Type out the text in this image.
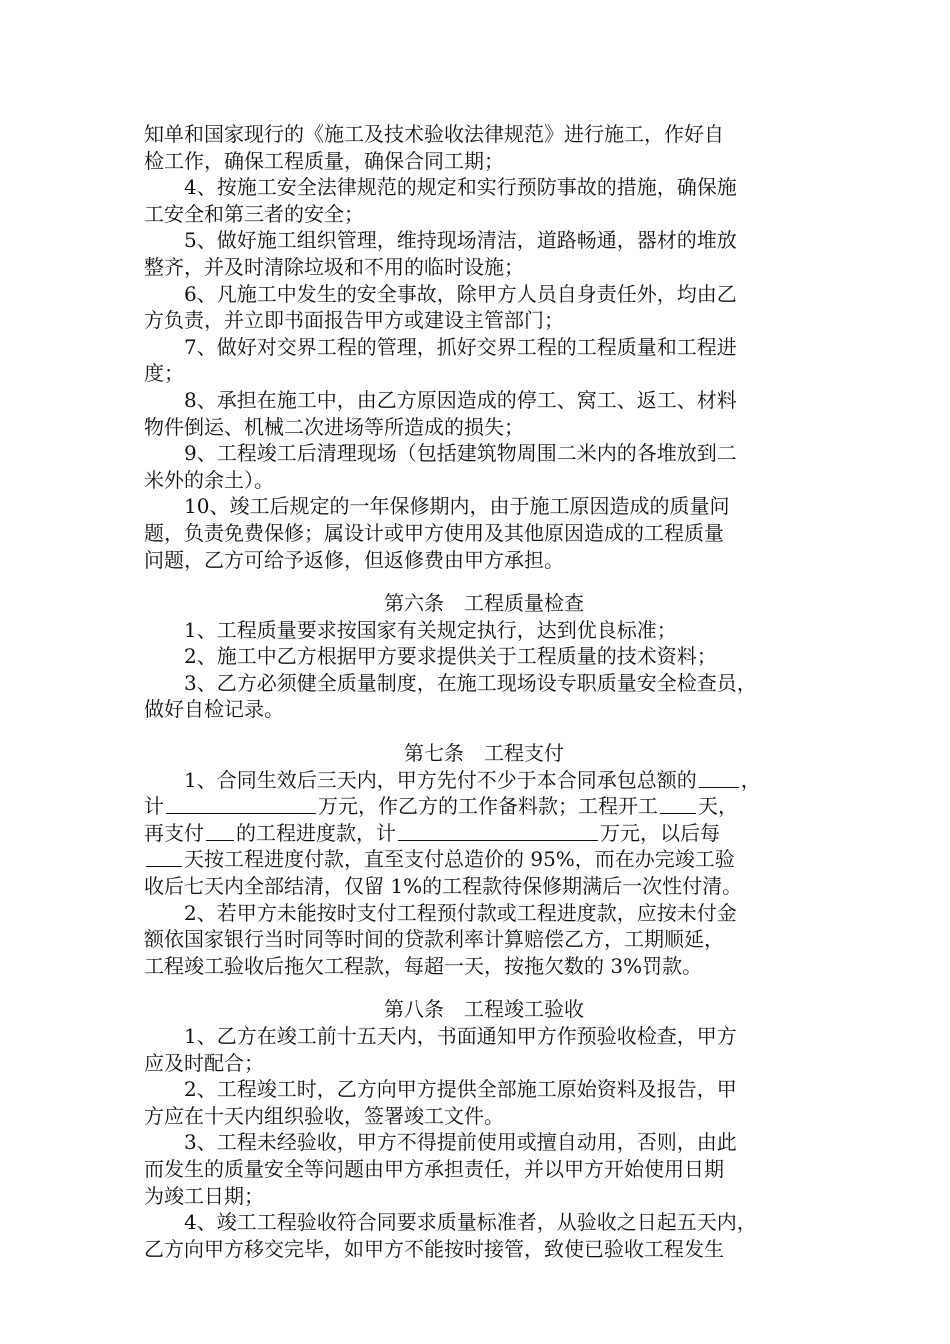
知单和国家现行的《施工及技术验收法律规范》进行施工，作好自
检工作，确保工程质量，确保合同工期；
4、按施工安全法律规范的规定和实行预防事故的措施，确保施
工安全和第三者的安全；
5、做好施工组织管理，维持现场清洁，道路畅通，器材的堆放
整齐，并及时清除垃圾和不用的临时设施；
6、凡施工中发生的安全事故，除甲方人员自身责任外，均由乙
方负责，并立即书面报告甲方或建设主管部门；
7、做好对交界工程的管理，抓好交界工程的工程质量和工程进
度；
8、承担在施工中，由乙方原因造成的停工、窝工、返工、材料
物件倒运、机械二次进场等所造成的损失；
9、工程竣工后清理现场（包括建筑物周围二米内的各堆放到二
米外的余土）。
10、竣工后规定的一年保修期内，由于施工原因造成的质量问
题，负责免费保修；属设计或甲方使用及其他原因造成的工程质量
问题，乙方可给予返修，但返修费由甲方承担。
第六条　工程质量检查
1、工程质量要求按国家有关规定执行，达到优良标准；
2、施工中乙方根据甲方要求提供关于工程质量的技术资料；
3、乙方必须健全质量制度，在施工现场设专职质量安全检查员，
做好自检记录。
第七条　工程支付
1、合同生效后三天内，甲方先付不少于本合同承包总额的 ，
计	万元，作乙方的工作备料款；工程开工 天，
再支付 的工程进度款，计	万元，以后每
天按工程进度付款，直至支付总造价的 95%，而在办完竣工验
收后七天内全部结清，仅留 1%的工程款待保修期满后一次性付清。
2、若甲方未能按时支付工程预付款或工程进度款，应按未付金
额依国家银行当时同等时间的贷款利率计算赔偿乙方，工期顺延，
工程竣工验收后拖欠工程款，每超一天，按拖欠数的 3%罚款。
第八条　工程竣工验收
1、乙方在竣工前十五天内，书面通知甲方作预验收检查，甲方
应及时配合；
2、工程竣工时，乙方向甲方提供全部施工原始资料及报告，甲
方应在十天内组织验收，签署竣工文件。
3、工程未经验收，甲方不得提前使用或擅自动用，否则，由此
而发生的质量安全等问题由甲方承担责任，并以甲方开始使用日期
为竣工日期；
4、竣工工程验收符合同要求质量标准者，从验收之日起五天内，
乙方向甲方移交完毕，如甲方不能按时接管，致使已验收工程发生
